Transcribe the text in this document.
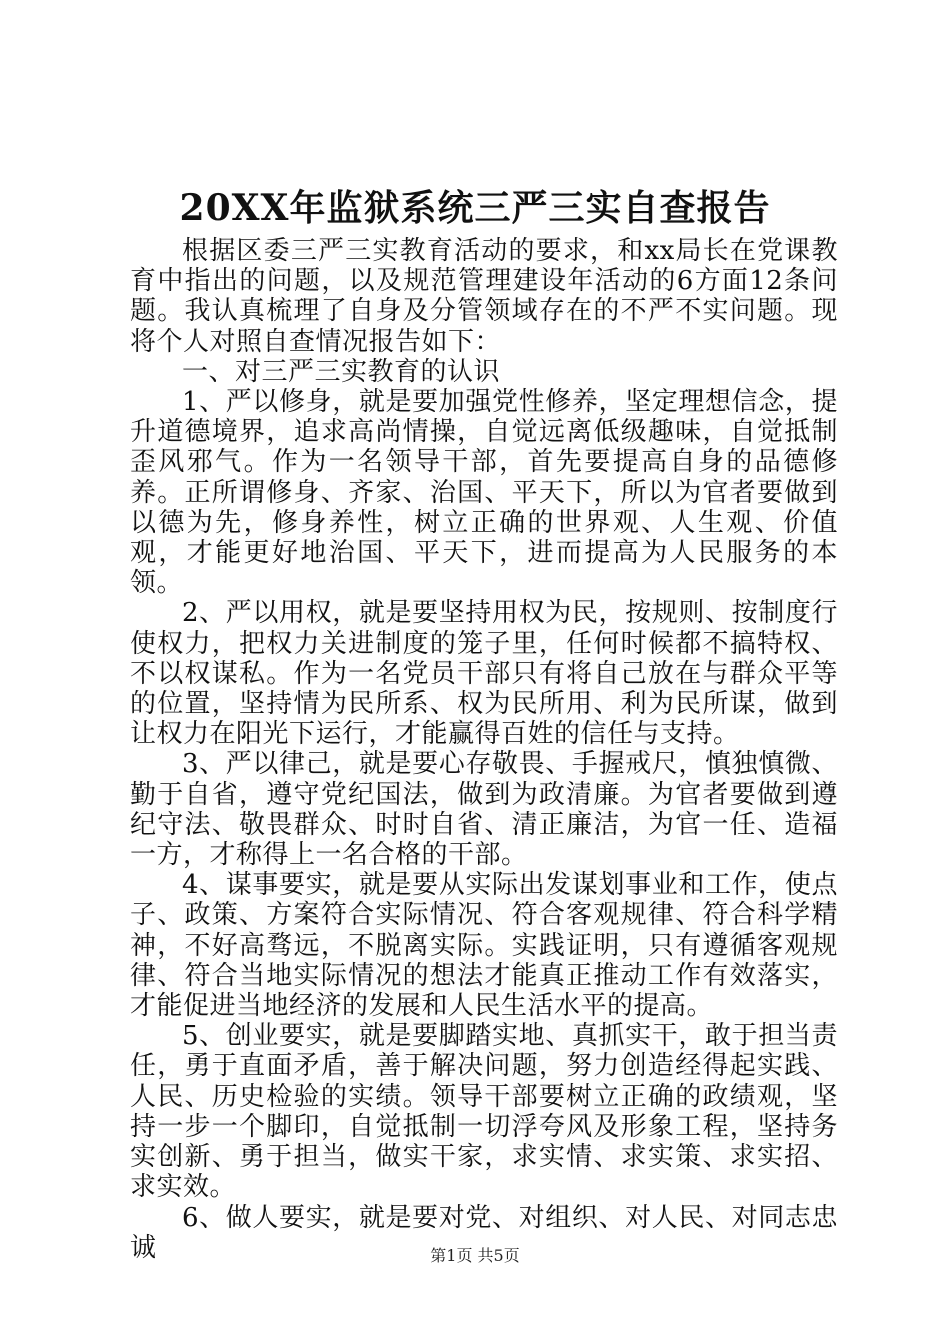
20XX年监狱系统三严三实自查报告

根据区委三严三实教育活动的要求，和xx局长在党课教育中指出的问题，以及规范管理建设年活动的6方面12条问题。我认真梳理了自身及分管领域存在的不严不实问题。现将个人对照自查情况报告如下：

一、对三严三实教育的认识

1、严以修身，就是要加强党性修养，坚定理想信念，提升道德境界，追求高尚情操，自觉远离低级趣味，自觉抵制歪风邪气。作为一名领导干部，首先要提高自身的品德修养。正所谓修身、齐家、治国、平天下，所以为官者要做到以德为先，修身养性，树立正确的世界观、人生观、价值观，才能更好地治国、平天下，进而提高为人民服务的本领。

2、严以用权，就是要坚持用权为民，按规则、按制度行使权力，把权力关进制度的笼子里，任何时候都不搞特权、不以权谋私。作为一名党员干部只有将自己放在与群众平等的位置，坚持情为民所系、权为民所用、利为民所谋，做到让权力在阳光下运行，才能赢得百姓的信任与支持。

3、严以律己，就是要心存敬畏、手握戒尺，慎独慎微、勤于自省，遵守党纪国法，做到为政清廉。为官者要做到遵纪守法、敬畏群众、时时自省、清正廉洁，为官一任、造福一方，才称得上一名合格的干部。

4、谋事要实，就是要从实际出发谋划事业和工作，使点子、政策、方案符合实际情况、符合客观规律、符合科学精神，不好高骛远，不脱离实际。实践证明，只有遵循客观规律、符合当地实际情况的想法才能真正推动工作有效落实，才能促进当地经济的发展和人民生活水平的提高。

5、创业要实，就是要脚踏实地、真抓实干，敢于担当责任，勇于直面矛盾，善于解决问题，努力创造经得起实践、人民、历史检验的实绩。领导干部要树立正确的政绩观，坚持一步一个脚印，自觉抵制一切浮夸风及形象工程，坚持务实创新、勇于担当，做实干家，求实情、求实策、求实招、求实效。

6、做人要实，就是要对党、对组织、对人民、对同志忠诚	第1页 共5页
